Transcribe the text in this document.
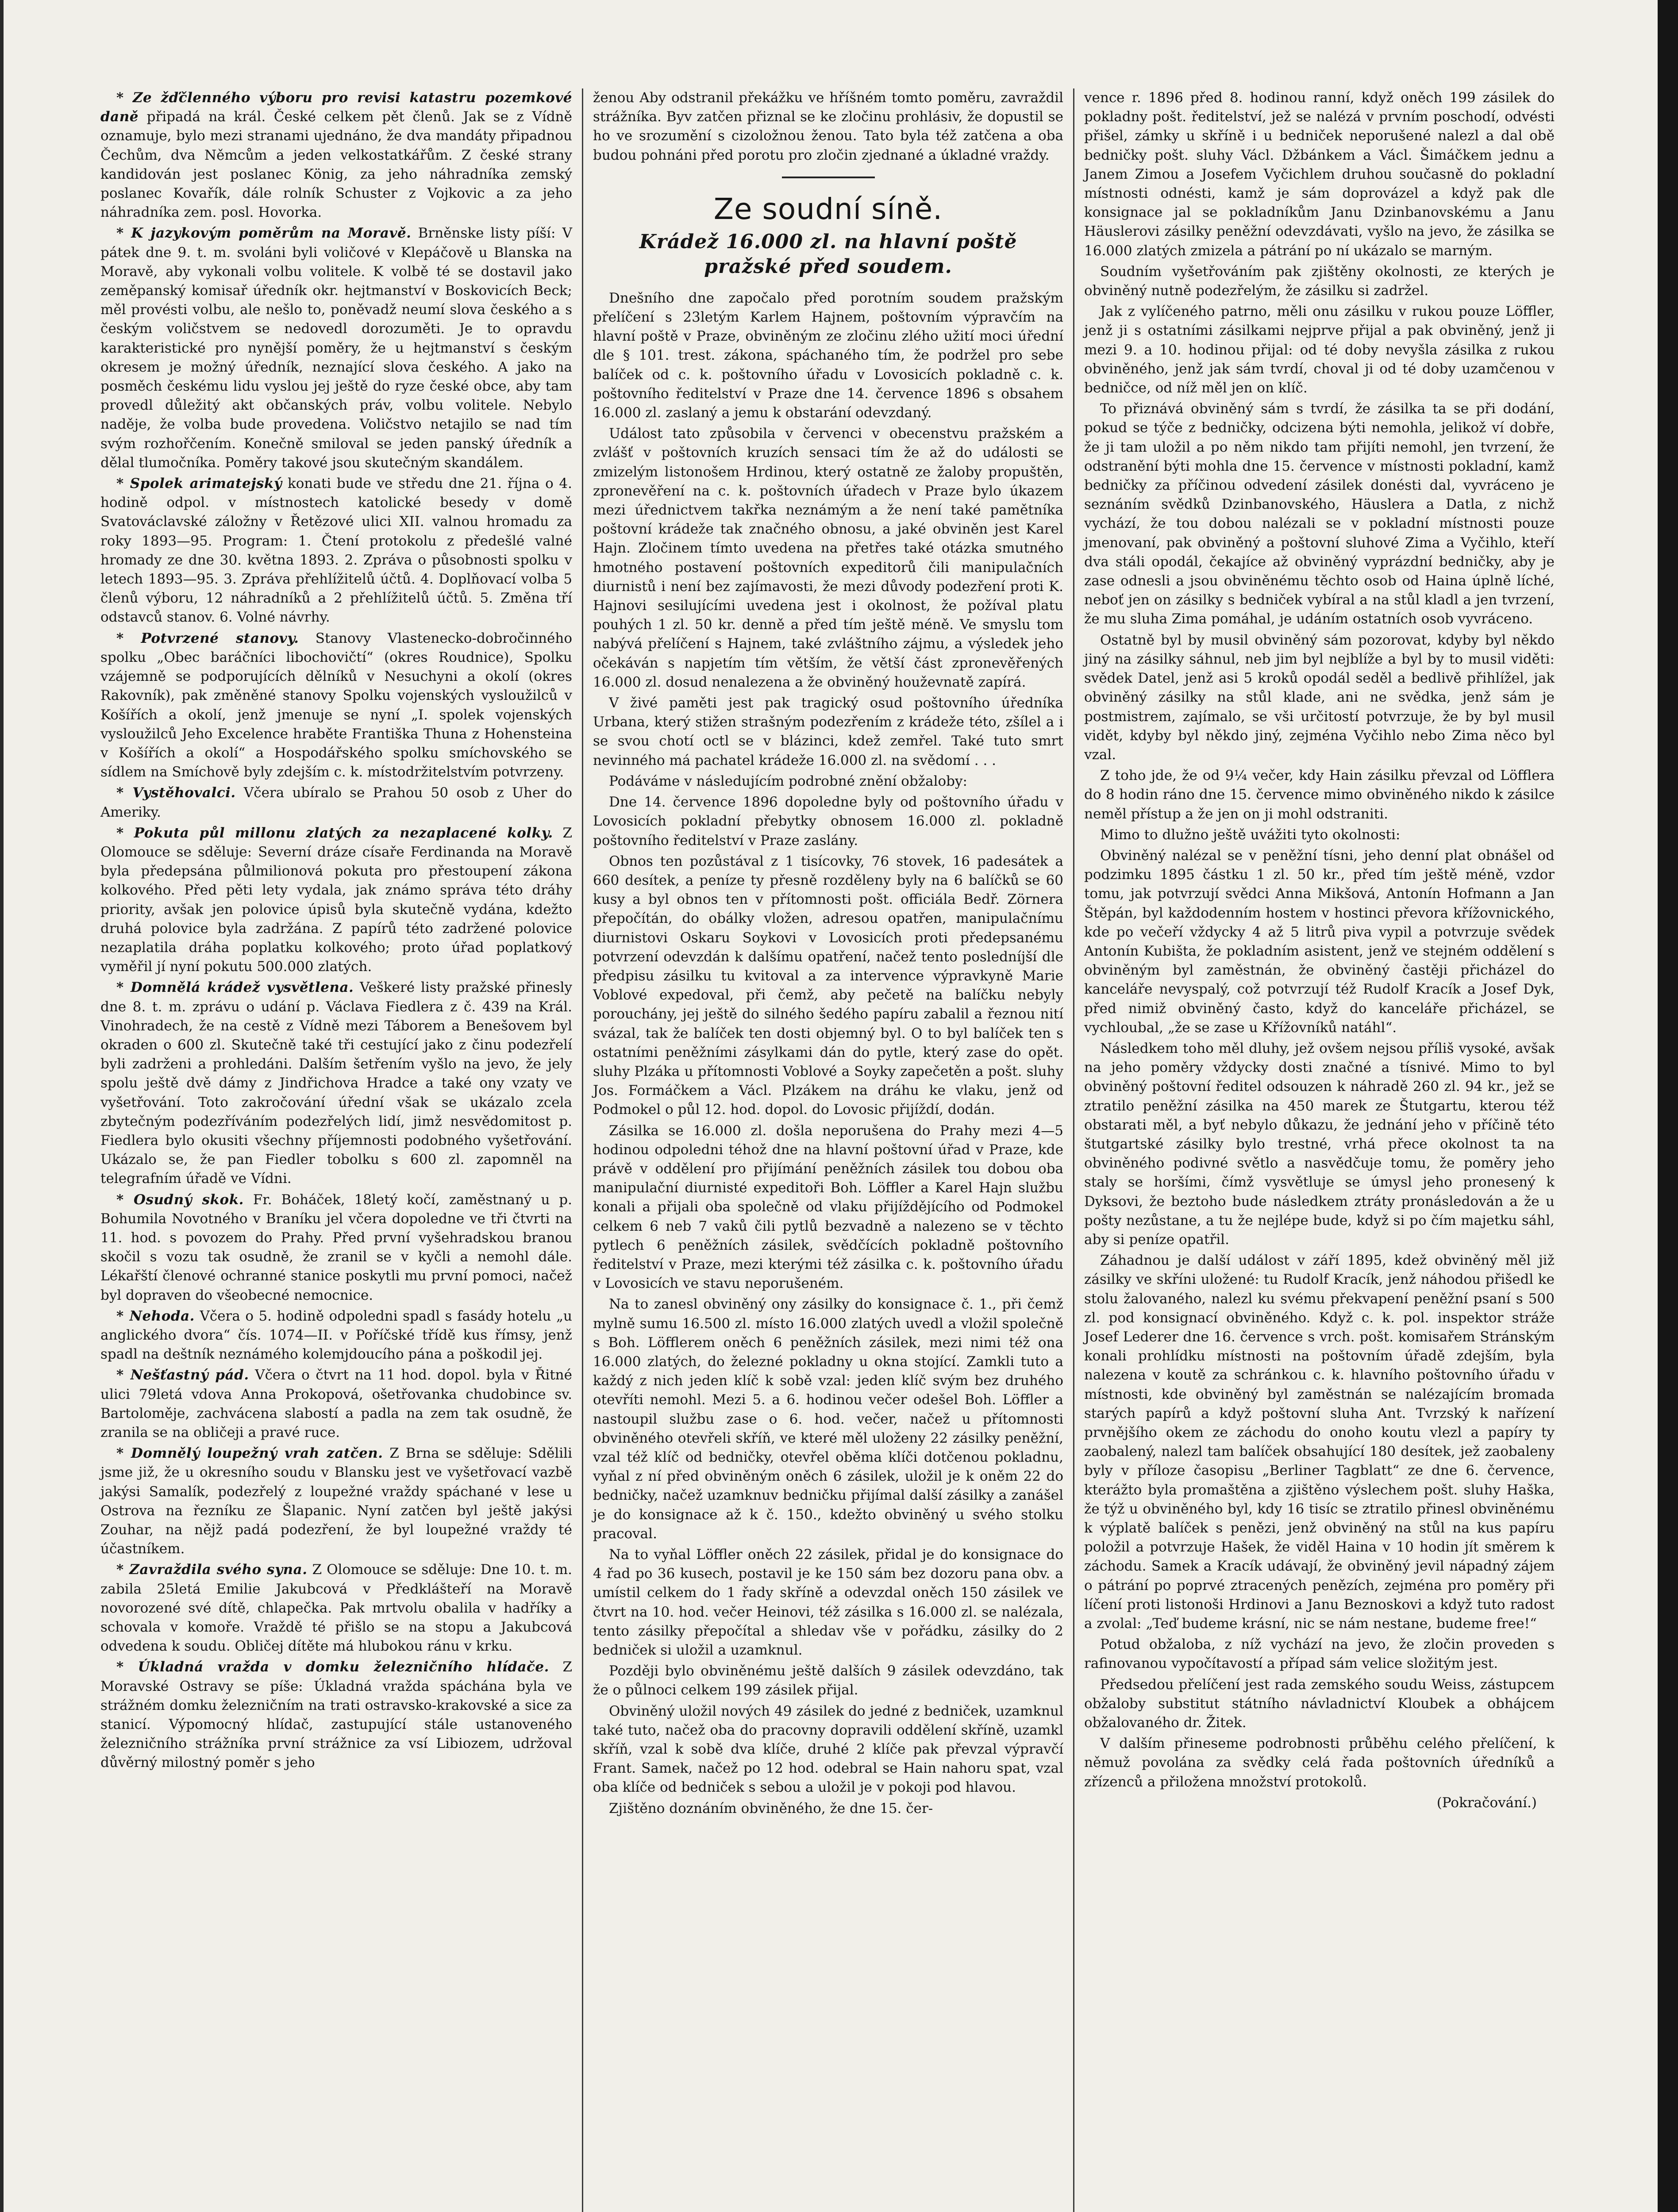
* Ze žďčlenného výboru pro revisi katastru pozemkové daně připadá na král. České celkem pět členů. Jak se z Vídně oznamuje, bylo mezi stranami ujednáno, že dva mandáty připadnou Čechům, dva Němcům a jeden velkostatkářům. Z české strany kandidován jest poslanec König, za jeho náhradníka zemský poslanec Kovařík, dále rolník Schuster z Vojkovic a za jeho náhradníka zem. posl. Hovorka.

* K jazykovým poměrům na Moravě. Brněnske listy píší: V pátek dne 9. t. m. svoláni byli voličové v Klepáčově u Blanska na Moravě, aby vykonali volbu volitele. K volbě té se dostavil jako zeměpanský komisař úředník okr. hejtmanství v Boskovicích Beck; měl provésti volbu, ale nešlo to, poněvadž neumí slova českého a s českým voličstvem se nedovedl dorozuměti. Je to opravdu karakteristické pro nynější poměry, že u hejtmanství s českým okresem je možný úředník, neznající slova českého. A jako na posměch českému lidu vyslou jej ještě do ryze české obce, aby tam provedl důležitý akt občanských práv, volbu volitele. Nebylo naděje, že volba bude provedena. Voličstvo netajilo se nad tím svým rozhořčením. Konečně smiloval se jeden panský úředník a dělal tlumočníka. Poměry takové jsou skutečným skandálem.

* Spolek arimatejský konati bude ve středu dne 21. října o 4. hodině odpol. v místnostech katolické besedy v domě Svatováclavské záložny v Řetězové ulici XII. valnou hromadu za roky 1893—95. Program: 1. Čtení protokolu z předešlé valné hromady ze dne 30. května 1893. 2. Zpráva o působnosti spolku v letech 1893—95. 3. Zpráva přehlížitelů účtů. 4. Doplňovací volba 5 členů výboru, 12 náhradníků a 2 přehlížitelů účtů. 5. Změna tří odstavců stanov. 6. Volné návrhy.

* Potvrzené stanovy. Stanovy Vlastenecko-dobročinného spolku „Obec baráčníci libochovičtí“ (okres Roudnice), Spolku vzájemně se podporujících dělníků v Nesuchyni a okolí (okres Rakovník), pak změněné stanovy Spolku vojenských vysloužilců v Košířích a okolí, jenž jmenuje se nyní „I. spolek vojenských vysloužilců Jeho Excelence hraběte Františka Thuna z Hohensteina v Košířích a okolí“ a Hospodářského spolku smíchovského se sídlem na Smíchově byly zdejším c. k. místodržitelstvím potvrzeny.

* Vystěhovalci. Včera ubíralo se Prahou 50 osob z Uher do Ameriky.

* Pokuta půl millonu zlatých za nezaplacené kolky. Z Olomouce se sděluje: Severní dráze císaře Ferdinanda na Moravě byla předepsána půlmilionová pokuta pro přestoupení zákona kolkového. Před pěti lety vydala, jak známo správa této dráhy priority, avšak jen polovice úpisů byla skutečně vydána, kdežto druhá polovice byla zadržána. Z papírů této zadržené polovice nezaplatila dráha poplatku kolkového; proto úřad poplatkový vyměřil jí nyní pokutu 500.000 zlatých.

* Domnělá krádež vysvětlena. Veškeré listy pražské přinesly dne 8. t. m. zprávu o udání p. Václava Fiedlera z č. 439 na Král. Vinohradech, že na cestě z Vídně mezi Táborem a Benešovem byl okraden o 600 zl. Skutečně také tři cestující jako z činu podezřelí byli zadrženi a prohledáni. Dalším šetřením vyšlo na jevo, že jely spolu ještě dvě dámy z Jindřichova Hradce a také ony vzaty ve vyšetřování. Toto zakročování úřední však se ukázalo zcela zbytečným podezříváním podezřelých lidí, jimž nesvědomitost p. Fiedlera bylo okusiti všechny příjemnosti podobného vyšetřování. Ukázalo se, že pan Fiedler tobolku s 600 zl. zapomněl na telegrafním úřadě ve Vídni.

* Osudný skok. Fr. Boháček, 18letý kočí, zaměstnaný u p. Bohumila Novotného v Braníku jel včera dopoledne ve tři čtvrti na 11. hod. s povozem do Prahy. Před první vyšehradskou branou skočil s vozu tak osudně, že zranil se v kyčli a nemohl dále. Lékařští členové ochranné stanice poskytli mu první pomoci, načež byl dopraven do všeobecné nemocnice.

* Nehoda. Včera o 5. hodině odpoledni spadl s fasády hotelu „u anglického dvora“ čís. 1074—II. v Poříčské třídě kus římsy, jenž spadl na deštník neznámého kolemjdoucího pána a poškodil jej.

* Nešťastný pád. Včera o čtvrt na 11 hod. dopol. byla v Řitné ulici 79letá vdova Anna Prokopová, ošetřovanka chudobince sv. Bartoloměje, zachvácena slabostí a padla na zem tak osudně, že zranila se na obličeji a pravé ruce.

* Domnělý loupežný vrah zatčen. Z Brna se sděluje: Sdělili jsme již, že u okresního soudu v Blansku jest ve vyšetřovací vazbě jakýsi Samalík, podezřelý z loupežné vraždy spáchané v lese u Ostrova na řezníku ze Šlapanic. Nyní zatčen byl ještě jakýsi Zouhar, na nějž padá podezření, že byl loupežné vraždy té účastníkem.

* Zavraždila svého syna. Z Olomouce se sděluje: Dne 10. t. m. zabila 25letá Emilie Jakubcová v Předklášteří na Moravě novorozené své dítě, chlapečka. Pak mrtvolu obalila v hadříky a schovala v komoře. Vraždě té přišlo se na stopu a Jakubcová odvedena k soudu. Obličej dítěte má hlubokou ránu v krku.

* Úkladná vražda v domku železničního hlídače. Z Moravské Ostravy se píše: Úkladná vražda spáchána byla ve strážném domku železničním na trati ostravsko-krakovské a sice za stanicí. Výpomocný hlídač, zastupující stále ustanoveného železničního strážníka první strážnice za vsí Libiozem, udržoval důvěrný milostný poměr s jeho

ženou Aby odstranil překážku ve hříšném tomto poměru, zavraždil strážníka. Byv zatčen přiznal se ke zločinu prohlásiv, že dopustil se ho ve srozumění s cizoložnou ženou. Tato byla též zatčena a oba budou pohnáni před porotu pro zločin zjednané a úkladné vraždy.

Ze soudní síně.
Krádež 16.000 zl. na hlavní poště pražské před soudem.

Dnešního dne započalo před porotním soudem pražským přelíčení s 23letým Karlem Hajnem, poštovním výpravčím na hlavní poště v Praze, obviněným ze zločinu zlého užití moci úřední dle § 101. trest. zákona, spáchaného tím, že podržel pro sebe balíček od c. k. poštovního úřadu v Lovosicích pokladně c. k. poštovního ředitelství v Praze dne 14. července 1896 s obsahem 16.000 zl. zaslaný a jemu k obstarání odevzdaný.

Událost tato způsobila v červenci v obecenstvu pražském a zvlášť v poštovních kruzích sensaci tím že až do události se zmizelým listonošem Hrdinou, který ostatně ze žaloby propuštěn, zpronevěření na c. k. poštovních úřadech v Praze bylo úkazem mezi úřednictvem takřka neznámým a že není také pamětníka poštovní krádeže tak značného obnosu, a jaké obviněn jest Karel Hajn. Zločinem tímto uvedena na přetřes také otázka smutného hmotného postavení poštovních expeditorů čili manipulačních diurnistů i není bez zajímavosti, že mezi důvody podezření proti K. Hajnovi sesilujícími uvedena jest i okolnost, že požíval platu pouhých 1 zl. 50 kr. denně a před tím ještě méně. Ve smyslu tom nabývá přelíčení s Hajnem, také zvláštního zájmu, a výsledek jeho očekáván s napjetím tím větším, že větší část zpronevěřených 16.000 zl. dosud nenalezena a že obviněný houževnatě zapírá.

V živé paměti jest pak tragický osud poštovního úředníka Urbana, který stižen strašným podezřením z krádeže této, zšílel a i se svou chotí octl se v blázinci, kdež zemřel. Také tuto smrt nevinného má pachatel krádeže 16.000 zl. na svědomí . . .

Podáváme v následujícím podrobné znění obžaloby:

Dne 14. července 1896 dopoledne byly od poštovního úřadu v Lovosicích pokladní přebytky obnosem 16.000 zl. pokladně poštovního ředitelství v Praze zaslány.

Obnos ten pozůstával z 1 tisícovky, 76 stovek, 16 padesátek a 660 desítek, a peníze ty přesně rozděleny byly na 6 balíčků se 60 kusy a byl obnos ten v přítomnosti pošt. officiála Bedř. Zörnera přepočítán, do obálky vložen, adresou opatřen, manipulačnímu diurnistovi Oskaru Soykovi v Lovosicích proti předepsanému potvrzení odevzdán k dalšímu opatření, načež tento posledníjší dle předpisu zásilku tu kvitoval a za intervence výpravkyně Marie Voblové expedoval, při čemž, aby pečetě na balíčku nebyly porouchány, jej ještě do silného šedého papíru zabalil a řeznou nití svázal, tak že balíček ten dosti objemný byl. O to byl balíček ten s ostatními peněžními zásylkami dán do pytle, který zase do opět. sluhy Plzáka u přítomnosti Voblové a Soyky zapečetěn a pošt. sluhy Jos. Formáčkem a Václ. Plzákem na dráhu ke vlaku, jenž od Podmokel o půl 12. hod. dopol. do Lovosic přijíždí, dodán.

Zásilka se 16.000 zl. došla neporušena do Prahy mezi 4—5 hodinou odpoledni téhož dne na hlavní poštovní úřad v Praze, kde právě v oddělení pro přijímání peněžních zásilek tou dobou oba manipulační diurnisté expeditoři Boh. Löffler a Karel Hajn službu konali a přijali oba společně od vlaku přijíždějícího od Podmokel celkem 6 neb 7 vaků čili pytlů bezvadně a nalezeno se v těchto pytlech 6 peněžních zásilek, svědčících pokladně poštovního ředitelství v Praze, mezi kterými též zásilka c. k. poštovního úřadu v Lovosicích ve stavu neporušeném.

Na to zanesl obviněný ony zásilky do konsignace č. 1., při čemž mylně sumu 16.500 zl. místo 16.000 zlatých uvedl a vložil společně s Boh. Löfflerem oněch 6 peněžních zásilek, mezi nimi též ona 16.000 zlatých, do železné pokladny u okna stojící. Zamkli tuto a každý z nich jeden klíč k sobě vzal: jeden klíč svým bez druhého otevříti nemohl. Mezi 5. a 6. hodinou večer odešel Boh. Löffler a nastoupil službu zase o 6. hod. večer, načež u přítomnosti obviněného otevřeli skříň, ve které měl uloženy 22 zásilky peněžní, vzal též klíč od bedničky, otevřel oběma klíči dotčenou pokladnu, vyňal z ní před obviněným oněch 6 zásilek, uložil je k oněm 22 do bedničky, načež uzamknuv bedničku přijímal další zásilky a zanášel je do konsignace až k č. 150., kdežto obviněný u svého stolku pracoval.

Na to vyňal Löffler oněch 22 zásilek, přidal je do konsignace do 4 řad po 36 kusech, postavil je ke 150 sám bez dozoru pana obv. a umístil celkem do 1 řady skříně a odevzdal oněch 150 zásilek ve čtvrt na 10. hod. večer Heinovi, též zásilka s 16.000 zl. se nalézala, tento zásilky přepočítal a shledav vše v pořádku, zásilky do 2 bedniček si uložil a uzamknul.

Později bylo obviněnému ještě dalších 9 zásilek odevzdáno, tak že o půlnoci celkem 199 zásilek přijal.

Obviněný uložil nových 49 zásilek do jedné z bedniček, uzamknul také tuto, načež oba do pracovny dopravili oddělení skříně, uzamkl skříň, vzal k sobě dva klíče, druhé 2 klíče pak převzal výpravčí Frant. Samek, načež po 12 hod. odebral se Hain nahoru spat, vzal oba klíče od bedniček s sebou a uložil je v pokoji pod hlavou.

Zjištěno doznáním obviněného, že dne 15. čer-

vence r. 1896 před 8. hodinou ranní, když oněch 199 zásilek do pokladny pošt. ředitelství, jež se nalézá v prvním poschodí, odvésti přišel, zámky u skříně i u bedniček neporušené nalezl a dal obě bedničky pošt. sluhy Václ. Džbánkem a Václ. Šimáčkem jednu a Janem Zimou a Josefem Vyčichlem druhou současně do pokladní místnosti odnésti, kamž je sám doprovázel a když pak dle konsignace jal se pokladníkům Janu Dzinbanovskému a Janu Häuslerovi zásilky peněžní odevzdávati, vyšlo na jevo, že zásilka se 16.000 zlatých zmizela a pátrání po ní ukázalo se marným.

Soudním vyšetřováním pak zjištěny okolnosti, ze kterých je obviněný nutně podezřelým, že zásilku si zadržel.

Jak z vylíčeného patrno, měli onu zásilku v rukou pouze Löffler, jenž ji s ostatními zásilkami nejprve přijal a pak obviněný, jenž ji mezi 9. a 10. hodinou přijal: od té doby nevyšla zásilka z rukou obviněného, jenž jak sám tvrdí, choval ji od té doby uzamčenou v bedničce, od níž měl jen on klíč.

To přiznává obviněný sám s tvrdí, že zásilka ta se při dodání, pokud se týče z bedničky, odcizena býti nemohla, jelikož ví dobře, že ji tam uložil a po něm nikdo tam přijíti nemohl, jen tvrzení, že odstranění býti mohla dne 15. července v místnosti pokladní, kamž bedničky za příčinou odvedení zásilek donésti dal, vyvráceno je seznáním svědků Dzinbanovského, Häuslera a Datla, z nichž vychází, že tou dobou nalézali se v pokladní místnosti pouze jmenovaní, pak obviněný a poštovní sluhové Zima a Vyčihlo, kteří dva stáli opodál, čekajíce až obviněný vyprázdní bedničky, aby je zase odnesli a jsou obviněnému těchto osob od Haina úplně líché, neboť jen on zásilky s bedniček vybíral a na stůl kladl a jen tvrzení, že mu sluha Zima pomáhal, je udáním ostatních osob vyvráceno.

Ostatně byl by musil obviněný sám pozorovat, kdyby byl někdo jiný na zásilky sáhnul, neb jim byl nejblíže a byl by to musil viděti: svědek Datel, jenž asi 5 kroků opodál seděl a bedlivě přihlížel, jak obviněný zásilky na stůl klade, ani ne svědka, jenž sám je postmistrem, zajímalo, se vši určitostí potvrzuje, že by byl musil vidět, kdyby byl někdo jiný, zejména Vyčihlo nebo Zima něco byl vzal.

Z toho jde, že od 9¼ večer, kdy Hain zásilku převzal od Löfflera do 8 hodin ráno dne 15. července mimo obviněného nikdo k zásilce neměl přístup a že jen on ji mohl odstraniti.

Mimo to dlužno ještě uvážiti tyto okolnosti:

Obviněný nalézal se v peněžní tísni, jeho denní plat obnášel od podzimku 1895 částku 1 zl. 50 kr., před tím ještě méně, vzdor tomu, jak potvrzují svědci Anna Mikšová, Antonín Hofmann a Jan Štěpán, byl každodenním hostem v hostinci převora křížovnického, kde po večeří vždycky 4 až 5 litrů piva vypil a potvrzuje svědek Antonín Kubišta, že pokladním asistent, jenž ve stejném oddělení s obviněným byl zaměstnán, že obviněný častěji přicházel do kanceláře nevyspalý, což potvrzují též Rudolf Kracík a Josef Dyk, před nimiž obviněný často, když do kanceláře přicházel, se vychloubal, „že se zase u Křížovníků natáhl“.

Následkem toho měl dluhy, jež ovšem nejsou příliš vysoké, avšak na jeho poměry vždycky dosti značné a tísnivé. Mimo to byl obviněný poštovní ředitel odsouzen k náhradě 260 zl. 94 kr., jež se ztratilo peněžní zásilka na 450 marek ze Štutgartu, kterou též obstarati měl, a byť nebylo důkazu, že jednání jeho v příčině této štutgartské zásilky bylo trestné, vrhá přece okolnost ta na obviněného podivné světlo a nasvědčuje tomu, že poměry jeho staly se horšími, čímž vysvětluje se úmysl jeho pronesený k Dyksovi, že beztoho bude následkem ztráty pronásledován a že u pošty nezůstane, a tu že nejlépe bude, když si po čím majetku sáhl, aby si peníze opatřil.

Záhadnou je další událost v září 1895, kdež obviněný měl již zásilky ve skříni uložené: tu Rudolf Kracík, jenž náhodou přišedl ke stolu žalovaného, nalezl ku svému překvapení peněžní psaní s 500 zl. pod konsignací obviněného. Když c. k. pol. inspektor stráže Josef Lederer dne 16. července s vrch. pošt. komisařem Stránským konali prohlídku místnosti na poštovním úřadě zdejším, byla nalezena v koutě za schránkou c. k. hlavního poštovního úřadu v místnosti, kde obviněný byl zaměstnán se nalézajícím bromada starých papírů a když poštovní sluha Ant. Tvrzský k nařízení prvnějšího okem ze záchodu do onoho koutu vlezl a papíry ty zaobalený, nalezl tam balíček obsahující 180 desítek, jež zaobaleny byly v příloze časopisu „Berliner Tagblatt“ ze dne 6. července, kterážto byla promaštěna a zjištěno výslechem pošt. sluhy Haška, že týž u obviněného byl, kdy 16 tisíc se ztratilo přinesl obviněnému k výplatě balíček s penězi, jenž obviněný na stůl na kus papíru položil a potvrzuje Hašek, že viděl Haina v 10 hodin jít směrem k záchodu. Samek a Kracík udávají, že obviněný jevil nápadný zájem o pátrání po poprvé ztracených penězích, zejména pro poměry při líčení proti listonoši Hrdinovi a Janu Beznoskovi a když tuto radost a zvolal: „Teď budeme krásní, nic se nám nestane, budeme free!“

Potud obžaloba, z níž vychází na jevo, že zločin proveden s rafinovanou vypočítavostí a případ sám velice složitým jest.

Předsedou přelíčení jest rada zemského soudu Weiss, zástupcem obžaloby substitut státního návladnictví Kloubek a obhájcem obžalovaného dr. Žitek.

V dalším přineseme podrobnosti průběhu celého přelíčení, k němuž povolána za svědky celá řada poštovních úředníků a zřízenců a přiložena množství protokolů.

(Pokračování.)
